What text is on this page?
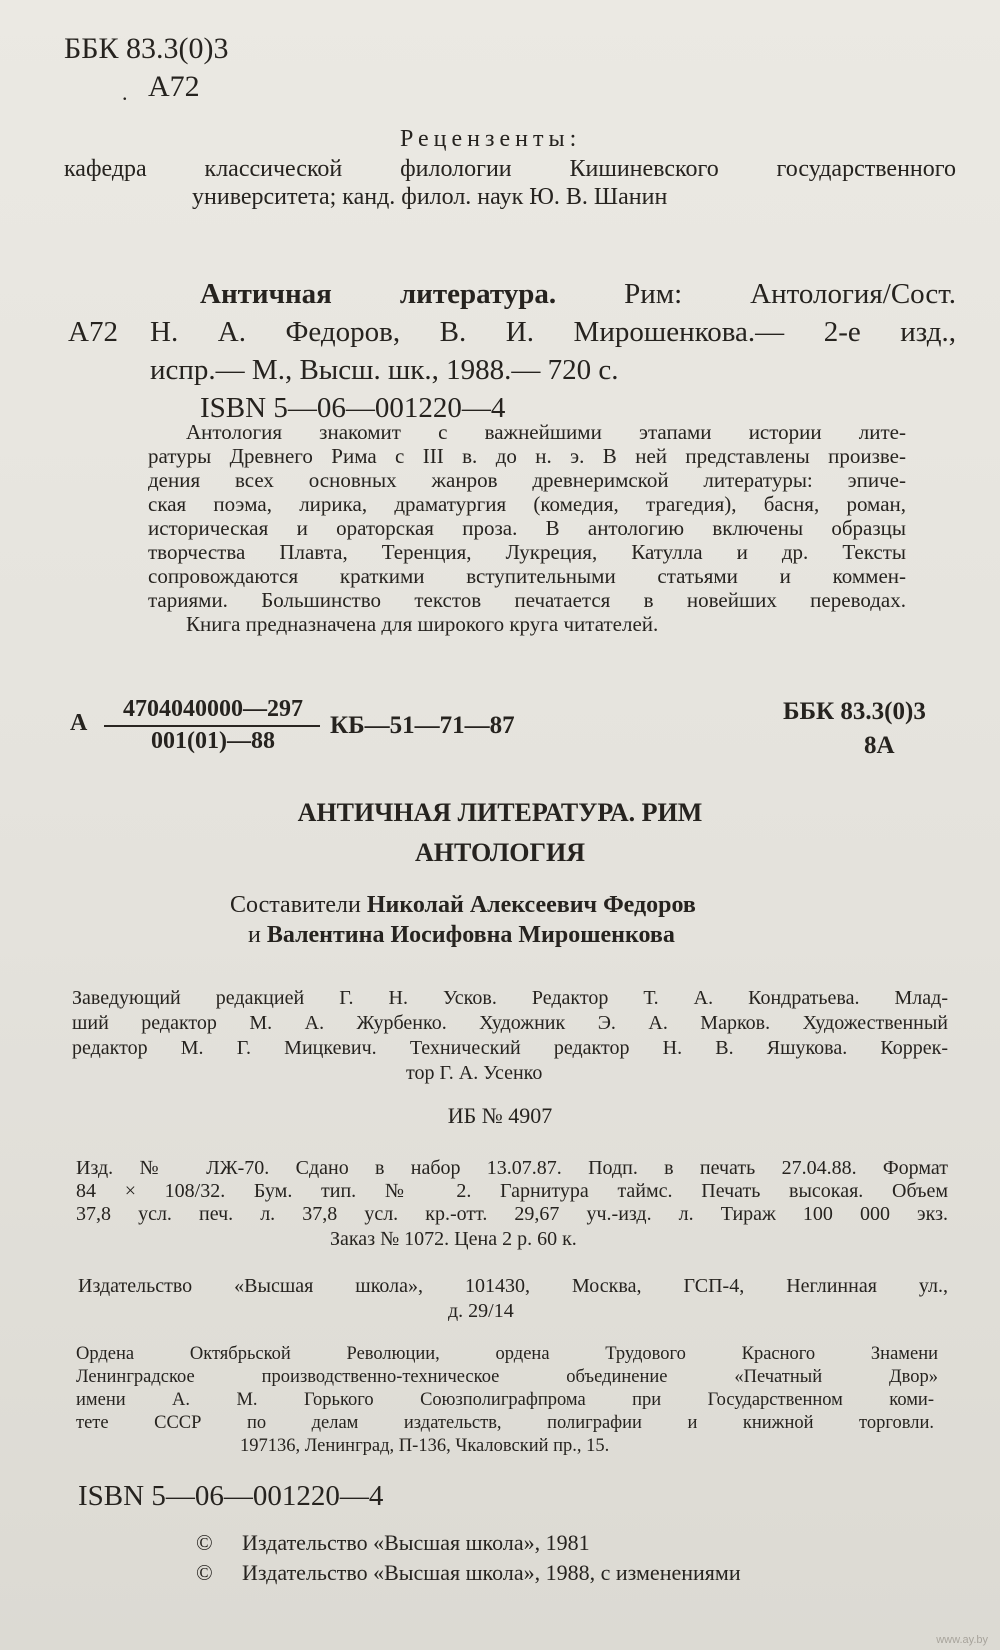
ББК 83.3(0)3
. А72
Рецензенты:
кафедра классической филологии Кишиневского государственного
университета; канд. филол. наук Ю. В. Шанин
Античная литература. Рим: Антология/Сост.
А72 Н. А. Федоров, В. И. Мирошенкова.— 2-е изд.,
испр.— М., Высш. шк., 1988.— 720 с.
ISBN 5—06—001220—4
Антология знакомит с важнейшими этапами истории лите-
ратуры Древнего Рима с III в. до н. э. В ней представлены произве-
дения всех основных жанров древнеримской литературы: эпиче-
ская поэма, лирика, драматургия (комедия, трагедия), басня, роман,
историческая и ораторская проза. В антологию включены образцы
творчества Плавта, Теренция, Лукреция, Катулла и др. Тексты
сопровождаются краткими вступительными статьями и коммен-
тариями. Большинство текстов печатается в новейших переводах.
Книга предназначена для широкого круга читателей.
А
4704040000—297
001(01)—88
КБ—51—71—87
ББК 83.3(0)3
8А
АНТИЧНАЯ ЛИТЕРАТУРА. РИМ
АНТОЛОГИЯ
Составители Николай Алексеевич Федоров
и Валентина Иосифовна Мирошенкова
Заведующий редакцией Г. Н. Усков. Редактор Т. А. Кондратьева. Млад-
ший редактор М. А. Журбенко. Художник Э. А. Марков. Художественный
редактор М. Г. Мицкевич. Технический редактор Н. В. Яшукова. Коррек-
тор Г. А. Усенко
ИБ № 4907
Изд. № ЛЖ-70. Сдано в набор 13.07.87. Подп. в печать 27.04.88. Формат
84 × 108/32. Бум. тип. № 2. Гарнитура таймс. Печать высокая. Объем
37,8 усл. печ. л. 37,8 усл. кр.-отт. 29,67 уч.-изд. л. Тираж 100 000 экз.
Заказ № 1072. Цена 2 р. 60 к.
Издательство «Высшая школа», 101430, Москва, ГСП-4, Неглинная ул.,
д. 29/14
Ордена Октябрьской Революции, ордена Трудового Красного Знамени
Ленинградское производственно-техническое объединение «Печатный Двор»
имени А. М. Горького Союзполиграфпрома при Государственном коми-
тете СССР по делам издательств, полиграфии и книжной торговли.
197136, Ленинград, П-136, Чкаловский пр., 15.
ISBN 5—06—001220—4
© Издательство «Высшая школа», 1981
© Издательство «Высшая школа», 1988, с изменениями
www.ay.by
